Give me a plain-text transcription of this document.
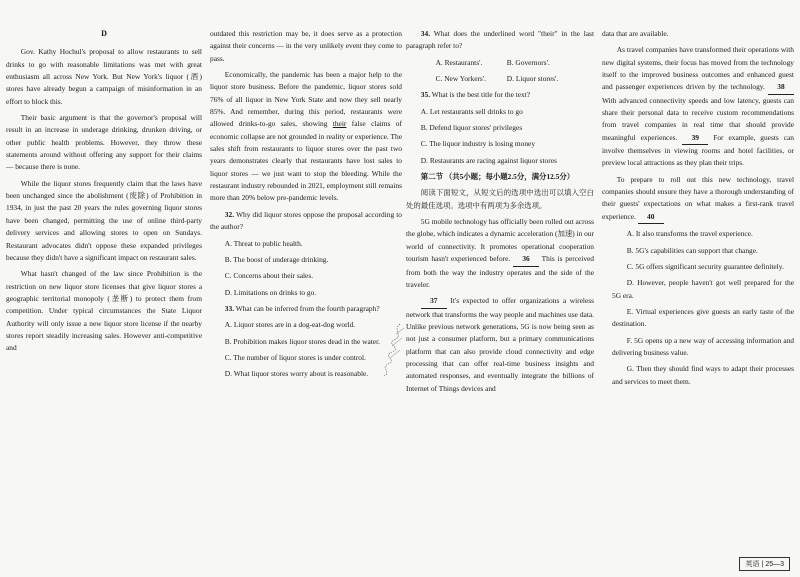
D

Gov. Kathy Hochul's proposal to allow restaurants to sell drinks to go with reasonable limitations was met with great enthusiasm all across New York. But New York's liquor (酒) stores have already begun a campaign of misinformation in an effort to block this.

Their basic argument is that the governor's proposal will result in an increase in underage drinking, drunken driving, or other public health problems. However, they throw these statements around without offering any support for their claims — because there is none.

While the liquor stores frequently claim that the laws have been unchanged since the abolishment (废除) of Prohibition in 1934, in just the past 20 years the rules governing liquor stores have been changed, permitting the use of online third-party delivery services and allowing stores to open on Sundays. Restaurant advocates didn't oppose these expanded privileges because they didn't have a significant impact on restaurant sales.

What hasn't changed of the law since Prohibition is the restriction on new liquor store licenses that give liquor stores a geographic territorial monopoly (垄断) to protect them from competition. Under typical circumstances the State Liquor Authority will only issue a new liquor store license if the nearby stores report steadily increasing sales. However anti-competitive and

outdated this restriction may be, it does serve as a protection against their concerns — in the very unlikely event they come to pass.

Economically, the pandemic has been a major help to the liquor store business. Before the pandemic, liquor stores sold 76% of all liquor in New York State and now they sell nearly 85%. And remember, during this period, restaurants were allowed drinks-to-go sales, showing their false claims of economic collapse are not grounded in reality or experience. The sales shift from restaurants to liquor stores over the past two years demonstrates clearly that restaurants have lost sales to liquor stores — we just want to stop the bleeding. While the restaurant industry rebounded in 2021, employment still remains more than 20% below pre-pandemic levels.

32. Why did liquor stores oppose the proposal according to the author?

A. Threat to public health.

B. The boost of underage drinking.

C. Concerns about their sales.

D. Limitations on drinks to go.

33. What can be inferred from the fourth paragraph?

A. Liquor stores are in a dog-eat-dog world.

B. Prohibition makes liquor stores dead in the water.

C. The number of liquor stores is under control.

D. What liquor stores worry about is reasonable.

34. What does the underlined word "their" in the last paragraph refer to?

A. Restaurants'.	B. Governors'.

C. New Yorkers'.	D. Liquor stores'.

35. What is the best title for the text?

A. Let restaurants sell drinks to go

B. Defend liquor stores' privileges

C. The liquor industry is losing money

D. Restaurants are racing against liquor stores

第二节 （共5小题；每小题2.5分，满分12.5分）

阅读下面短文，从短文后的选项中选出可以填入空白处的最佳选项。选项中有两项为多余选项。

5G mobile technology has officially been rolled out across the globe, which indicates a dynamic acceleration (加速) in our world of connectivity. It promotes operational cooperation tourism hasn't experienced before. 36 This is perceived from both the way the industry operates and the side of the traveler.

37 It's expected to offer organizations a wireless network that transforms the way people and machines use data. Unlike previous network generations, 5G is now being seen as not just a consumer platform, but a primary communications platform that can also provide cloud connectivity and edge processing that can offer real-time business insights and automated responses, and eventually integrate the billions of Internet of Things devices and

data that are available.

As travel companies have transformed their operations with new digital systems, their focus has moved from the technology itself to the improved business outcomes and enhanced guest and passenger experiences driven by the technology. 38 With advanced connectivity speeds and low latency, guests can share their personal data to receive custom recommendations from travel companies in real time that should provide meaningful experiences. 39 For example, guests can involve themselves in viewing rooms and hotel facilities, or preview local attractions as they plan their trips.

To prepare to roll out this new technology, travel companies should ensure they have a thorough understanding of their guests' expectations on what makes a first-rank travel experience. 40

A. It also transforms the travel experience.

B. 5G's capabilities can support that change.

C. 5G offers significant security guarantee definitely.

D. However, people haven't got well prepared for the 5G era.

E. Virtual experiences give guests an early taste of the destination.

F. 5G opens up a new way of accessing information and delivering business value.

G. Then they should find ways to adapt their processes and services to meet them.

英语 | 25—3
